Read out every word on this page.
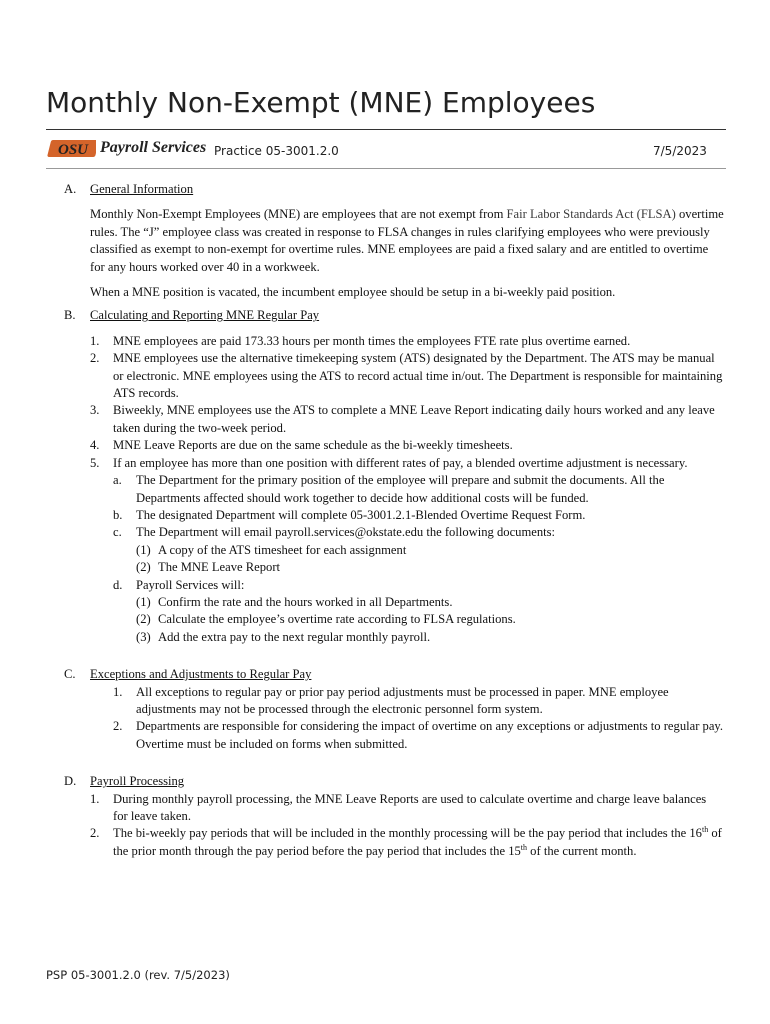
Monthly Non-Exempt (MNE) Employees
OSU Payroll Services Practice 05-3001.2.0	7/5/2023
A.	General Information
Monthly Non-Exempt Employees (MNE) are employees that are not exempt from Fair Labor Standards Act (FLSA) overtime rules. The “J” employee class was created in response to FLSA changes in rules clarifying employees who were previously classified as exempt to non-exempt for overtime rules. MNE employees are paid a fixed salary and are entitled to overtime for any hours worked over 40 in a workweek.
When a MNE position is vacated, the incumbent employee should be setup in a bi-weekly paid position.
B.	Calculating and Reporting MNE Regular Pay
1.	MNE employees are paid 173.33 hours per month times the employees FTE rate plus overtime earned.
2.	MNE employees use the alternative timekeeping system (ATS) designated by the Department. The ATS may be manual or electronic. MNE employees using the ATS to record actual time in/out. The Department is responsible for maintaining ATS records.
3.	Biweekly, MNE employees use the ATS to complete a MNE Leave Report indicating daily hours worked and any leave taken during the two-week period.
4.	MNE Leave Reports are due on the same schedule as the bi-weekly timesheets.
5.	If an employee has more than one position with different rates of pay, a blended overtime adjustment is necessary.
a.	The Department for the primary position of the employee will prepare and submit the documents. All the Departments affected should work together to decide how additional costs will be funded.
b.	The designated Department will complete 05-3001.2.1-Blended Overtime Request Form.
c.	The Department will email payroll.services@okstate.edu the following documents:
(1) A copy of the ATS timesheet for each assignment
(2) The MNE Leave Report
d.	Payroll Services will:
(1) Confirm the rate and the hours worked in all Departments.
(2) Calculate the employee’s overtime rate according to FLSA regulations.
(3) Add the extra pay to the next regular monthly payroll.
C.	Exceptions and Adjustments to Regular Pay
1.	All exceptions to regular pay or prior pay period adjustments must be processed in paper. MNE employee adjustments may not be processed through the electronic personnel form system.
2.	Departments are responsible for considering the impact of overtime on any exceptions or adjustments to regular pay. Overtime must be included on forms when submitted.
D.	Payroll Processing
1.	During monthly payroll processing, the MNE Leave Reports are used to calculate overtime and charge leave balances for leave taken.
2.	The bi-weekly pay periods that will be included in the monthly processing will be the pay period that includes the 16th of the prior month through the pay period before the pay period that includes the 15th of the current month.
PSP 05-3001.2.0 (rev. 7/5/2023)
